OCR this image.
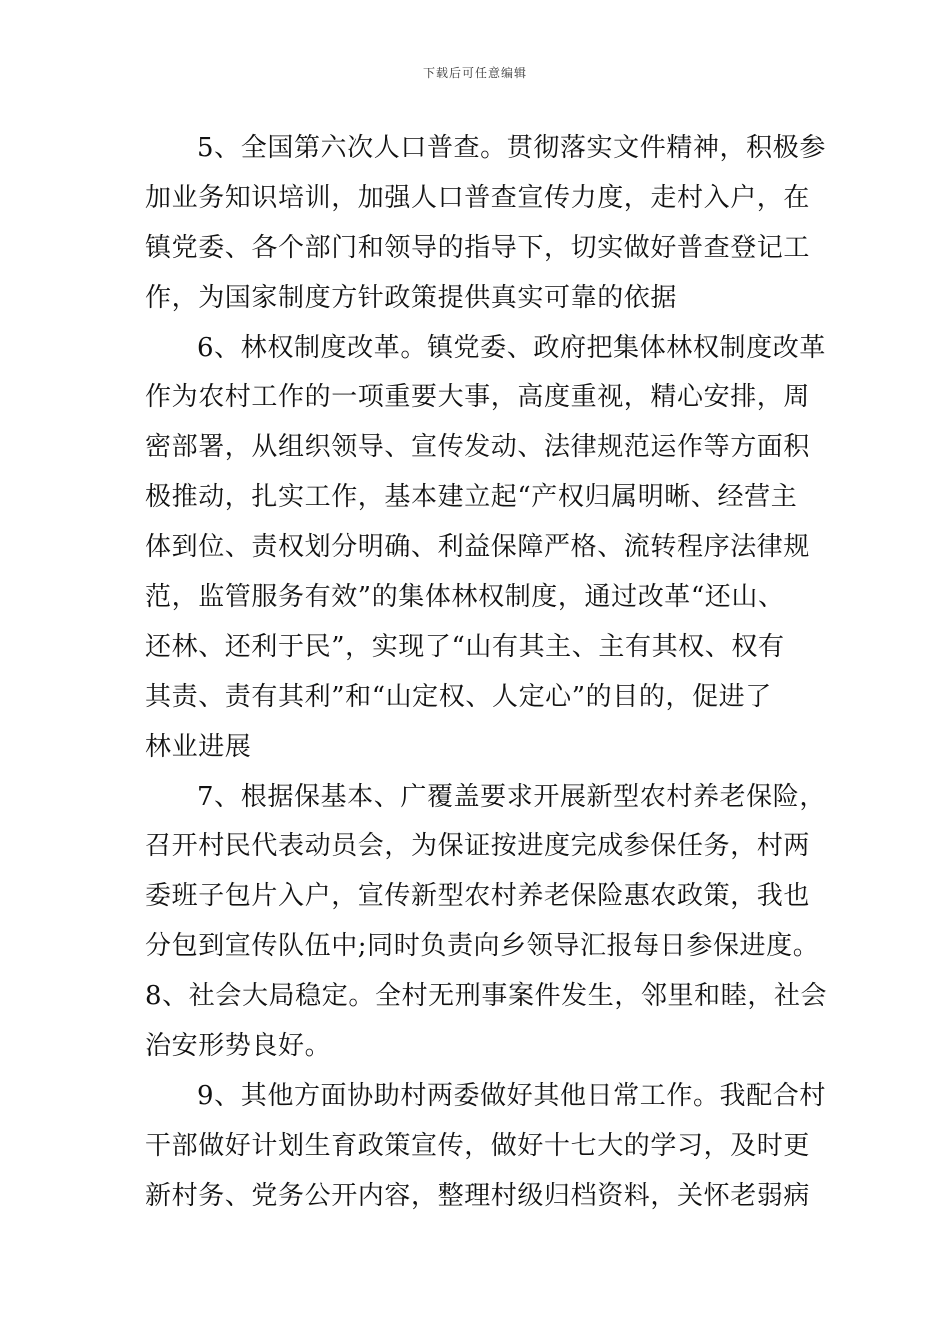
下载后可任意编辑
5、全国第六次人口普查。贯彻落实文件精神，积极参
加业务知识培训，加强人口普查宣传力度，走村入户，在
镇党委、各个部门和领导的指导下，切实做好普查登记工
作，为国家制度方针政策提供真实可靠的依据
6、林权制度改革。镇党委、政府把集体林权制度改革
作为农村工作的一项重要大事，高度重视，精心安排，周
密部署，从组织领导、宣传发动、法律规范运作等方面积
极推动，扎实工作，基本建立起“产权归属明晰、经营主
体到位、责权划分明确、利益保障严格、流转程序法律规
范，监管服务有效”的集体林权制度，通过改革“还山、
还林、还利于民”，实现了“山有其主、主有其权、权有
其责、责有其利”和“山定权、人定心”的目的，促进了
林业进展
7、根据保基本、广覆盖要求开展新型农村养老保险，
召开村民代表动员会，为保证按进度完成参保任务，村两
委班子包片入户，宣传新型农村养老保险惠农政策，我也
分包到宣传队伍中;同时负责向乡领导汇报每日参保进度。
8、社会大局稳定。全村无刑事案件发生，邻里和睦，社会
治安形势良好。
9、其他方面协助村两委做好其他日常工作。我配合村
干部做好计划生育政策宣传，做好十七大的学习，及时更
新村务、党务公开内容，整理村级归档资料，关怀老弱病
